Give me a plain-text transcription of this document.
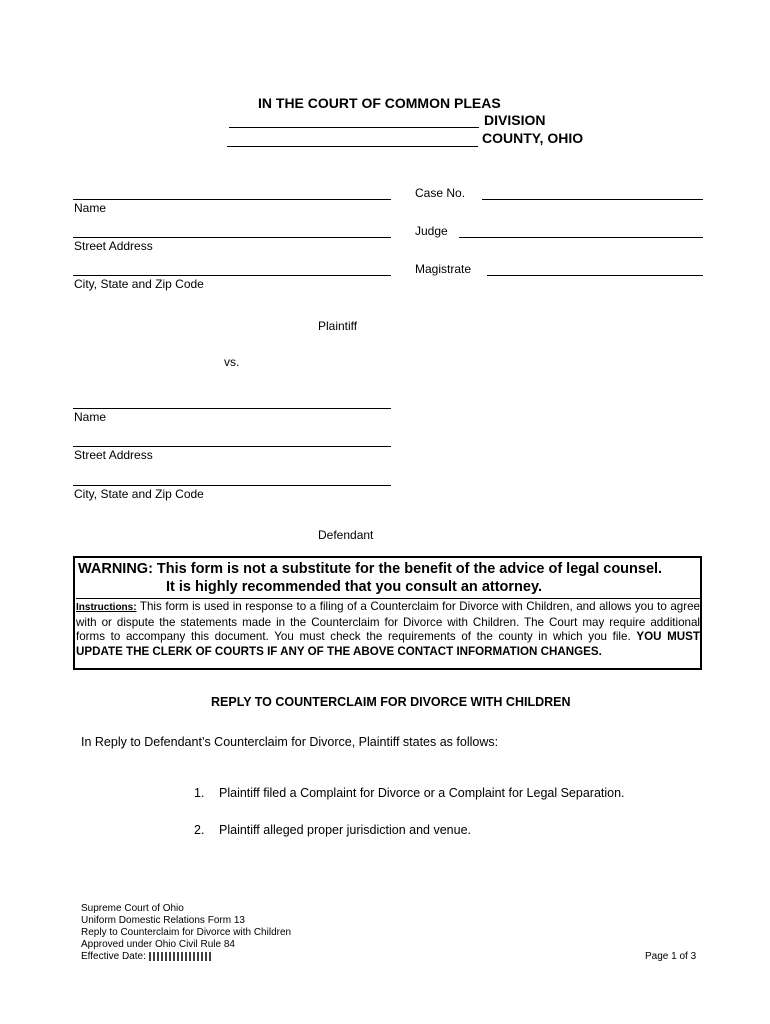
IN THE COURT OF COMMON PLEAS
DIVISION
COUNTY, OHIO
Name
Street Address
City, State and Zip Code
Plaintiff
Case No.
Judge
Magistrate
vs.
Name
Street Address
City, State and Zip Code
Defendant
WARNING: This form is not a substitute for the benefit of the advice of legal counsel.
It is highly recommended that you consult an attorney.
Instructions: This form is used in response to a filing of a Counterclaim for Divorce with Children, and allows you to agree with or dispute the statements made in the Counterclaim for Divorce with Children. The Court may require additional forms to accompany this document. You must check the requirements of the county in which you file. YOU MUST UPDATE THE CLERK OF COURTS IF ANY OF THE ABOVE CONTACT INFORMATION CHANGES.
REPLY TO COUNTERCLAIM FOR DIVORCE WITH CHILDREN
In Reply to Defendant’s Counterclaim for Divorce, Plaintiff states as follows:
1. Plaintiff filed a Complaint for Divorce or a Complaint for Legal Separation.
2. Plaintiff alleged proper jurisdiction and venue.
Supreme Court of Ohio
Uniform Domestic Relations Form 13
Reply to Counterclaim for Divorce with Children
Approved under Ohio Civil Rule 84
Effective Date:	Page 1 of 3
